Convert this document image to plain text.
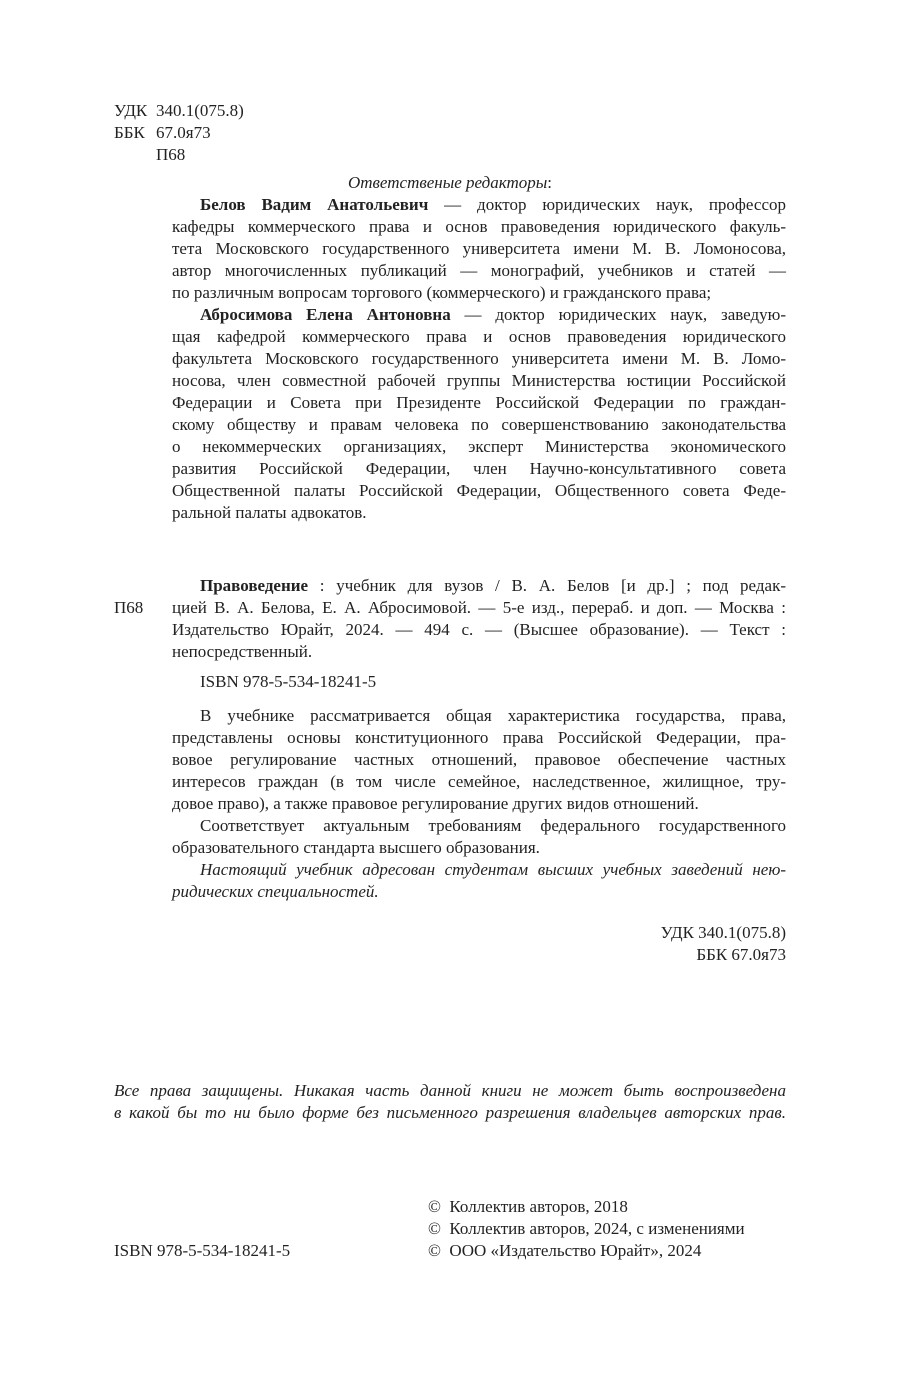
УДК 340.1(075.8)
ББК 67.0я73
П68
Ответственые редакторы:
Белов Вадим Анатольевич — доктор юридических наук, профессор
кафедры коммерческого права и основ правоведения юридического факуль-
тета Московского государственного университета имени М. В. Ломоносова,
автор многочисленных публикаций — монографий, учебников и статей —
по различным вопросам торгового (коммерческого) и гражданского права;
Абросимова Елена Антоновна — доктор юридических наук, заведую-
щая кафедрой коммерческого права и основ правоведения юридического
факультета Московского государственного университета имени М. В. Ломо-
носова, член совместной рабочей группы Министерства юстиции Российской
Федерации и Совета при Президенте Российской Федерации по граждан-
скому обществу и правам человека по совершенствованию законодательства
о некоммерческих организациях, эксперт Министерства экономического
развития Российской Федерации, член Научно-консультативного совета
Общественной палаты Российской Федерации, Общественного совета Феде-
ральной палаты адвокатов.
П68
Правоведение : учебник для вузов / В. А. Белов [и др.] ; под редак-
цией В. А. Белова, Е. А. Абросимовой. — 5-е изд., перераб. и доп. — Москва :
Издательство Юрайт, 2024. — 494 с. — (Высшее образование). — Текст :
непосредственный.
ISBN 978-5-534-18241-5
В учебнике рассматривается общая характеристика государства, права,
представлены основы конституционного права Российской Федерации, пра-
вовое регулирование частных отношений, правовое обеспечение частных
интересов граждан (в том числе семейное, наследственное, жилищное, тру-
довое право), а также правовое регулирование других видов отношений.
Соответствует актуальным требованиям федерального государственного
образовательного стандарта высшего образования.
Настоящий учебник адресован студентам высших учебных заведений нею-
ридических специальностей.
УДК 340.1(075.8)
ББК 67.0я73
Все права защищены. Никакая часть данной книги не может быть воспроизведена
в какой бы то ни было форме без письменного разрешения владельцев авторских прав.
© Коллектив авторов, 2018
© Коллектив авторов, 2024, с изменениями
© ООО «Издательство Юрайт», 2024
ISBN 978-5-534-18241-5
